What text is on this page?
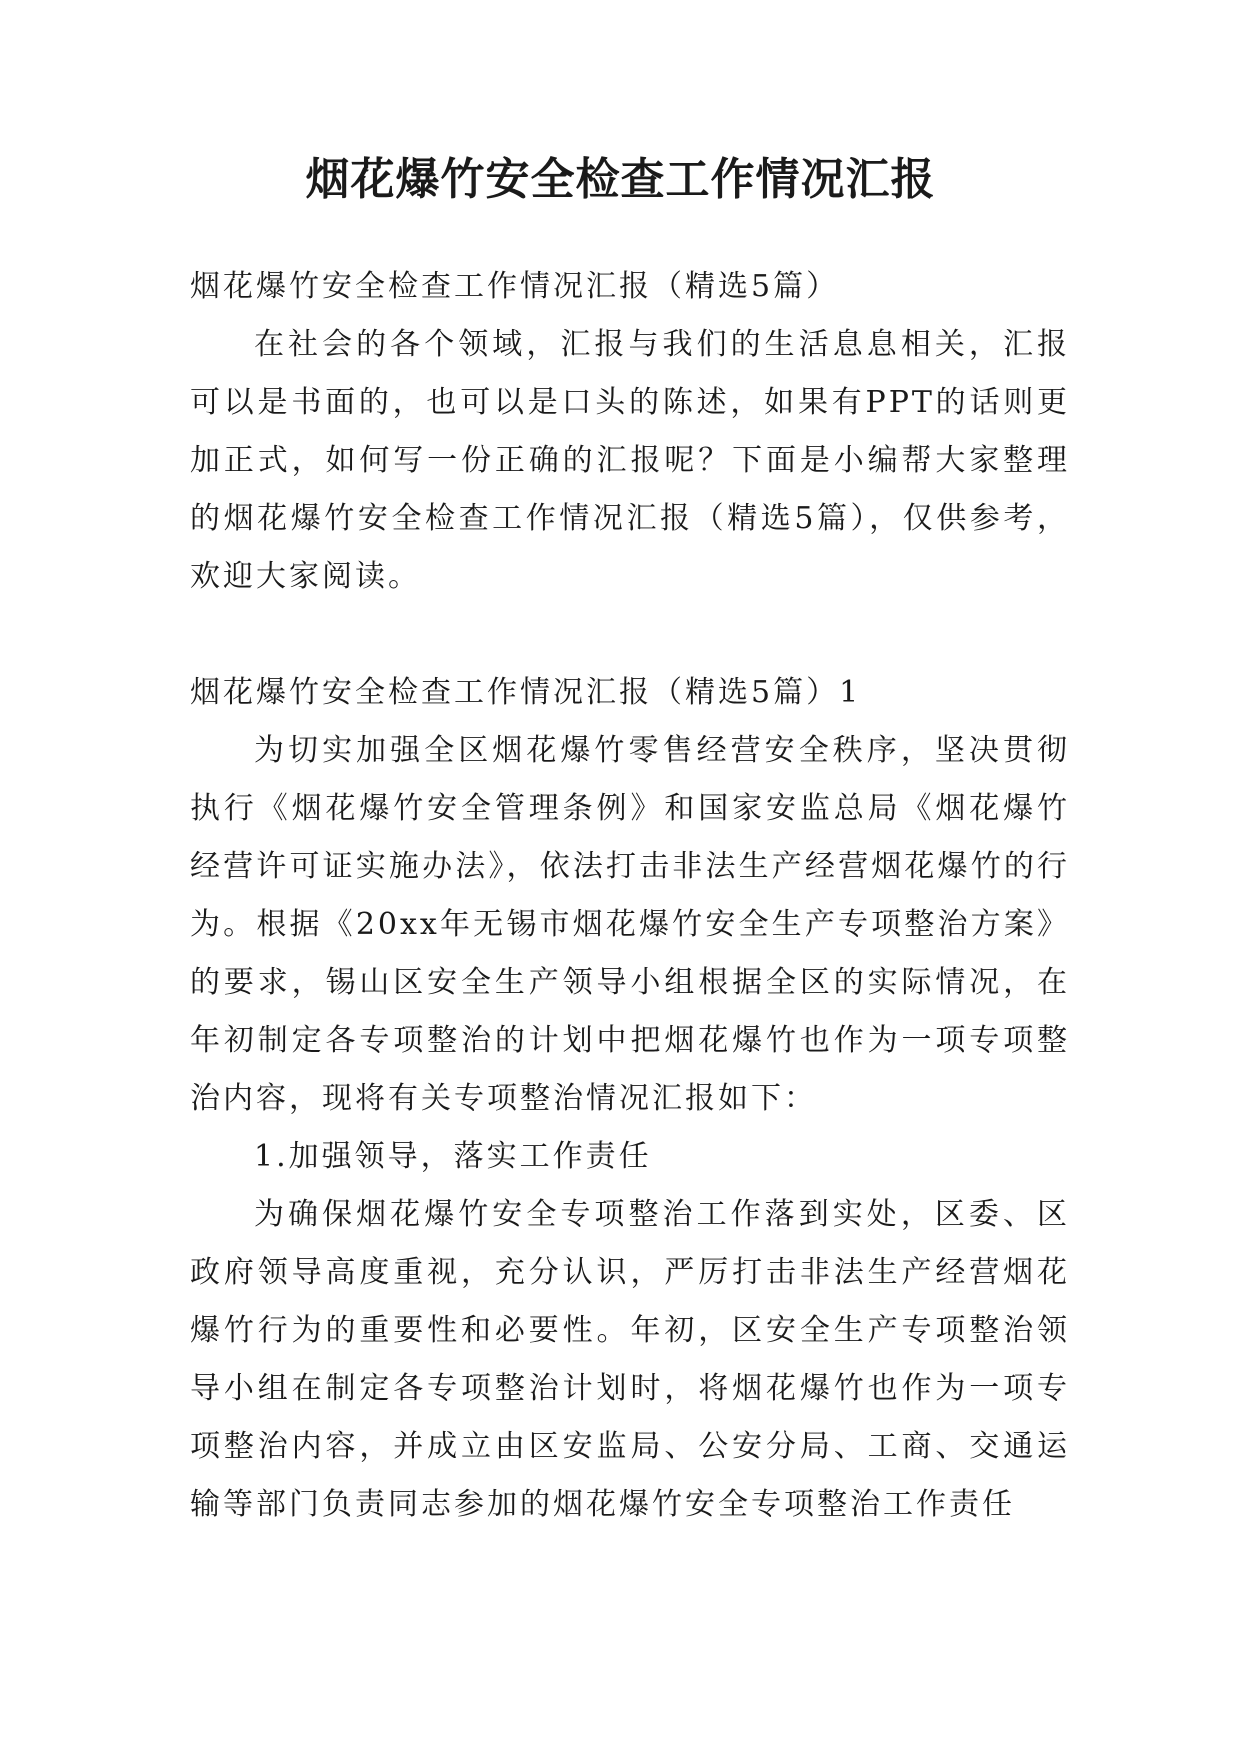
烟花爆竹安全检查工作情况汇报

烟花爆竹安全检查工作情况汇报（精选5篇）

在社会的各个领域，汇报与我们的生活息息相关，汇报可以是书面的，也可以是口头的陈述，如果有PPT的话则更加正式，如何写一份正确的汇报呢？下面是小编帮大家整理的烟花爆竹安全检查工作情况汇报（精选5篇），仅供参考，欢迎大家阅读。

烟花爆竹安全检查工作情况汇报（精选5篇）1

为切实加强全区烟花爆竹零售经营安全秩序，坚决贯彻执行《烟花爆竹安全管理条例》和国家安监总局《烟花爆竹经营许可证实施办法》，依法打击非法生产经营烟花爆竹的行为。根据《20xx年无锡市烟花爆竹安全生产专项整治方案》的要求，锡山区安全生产领导小组根据全区的实际情况，在年初制定各专项整治的计划中把烟花爆竹也作为一项专项整治内容，现将有关专项整治情况汇报如下：

1.加强领导，落实工作责任

为确保烟花爆竹安全专项整治工作落到实处，区委、区政府领导高度重视，充分认识，严厉打击非法生产经营烟花爆竹行为的重要性和必要性。年初，区安全生产专项整治领导小组在制定各专项整治计划时，将烟花爆竹也作为一项专项整治内容，并成立由区安监局、公安分局、工商、交通运输等部门负责同志参加的烟花爆竹安全专项整治工作责任
